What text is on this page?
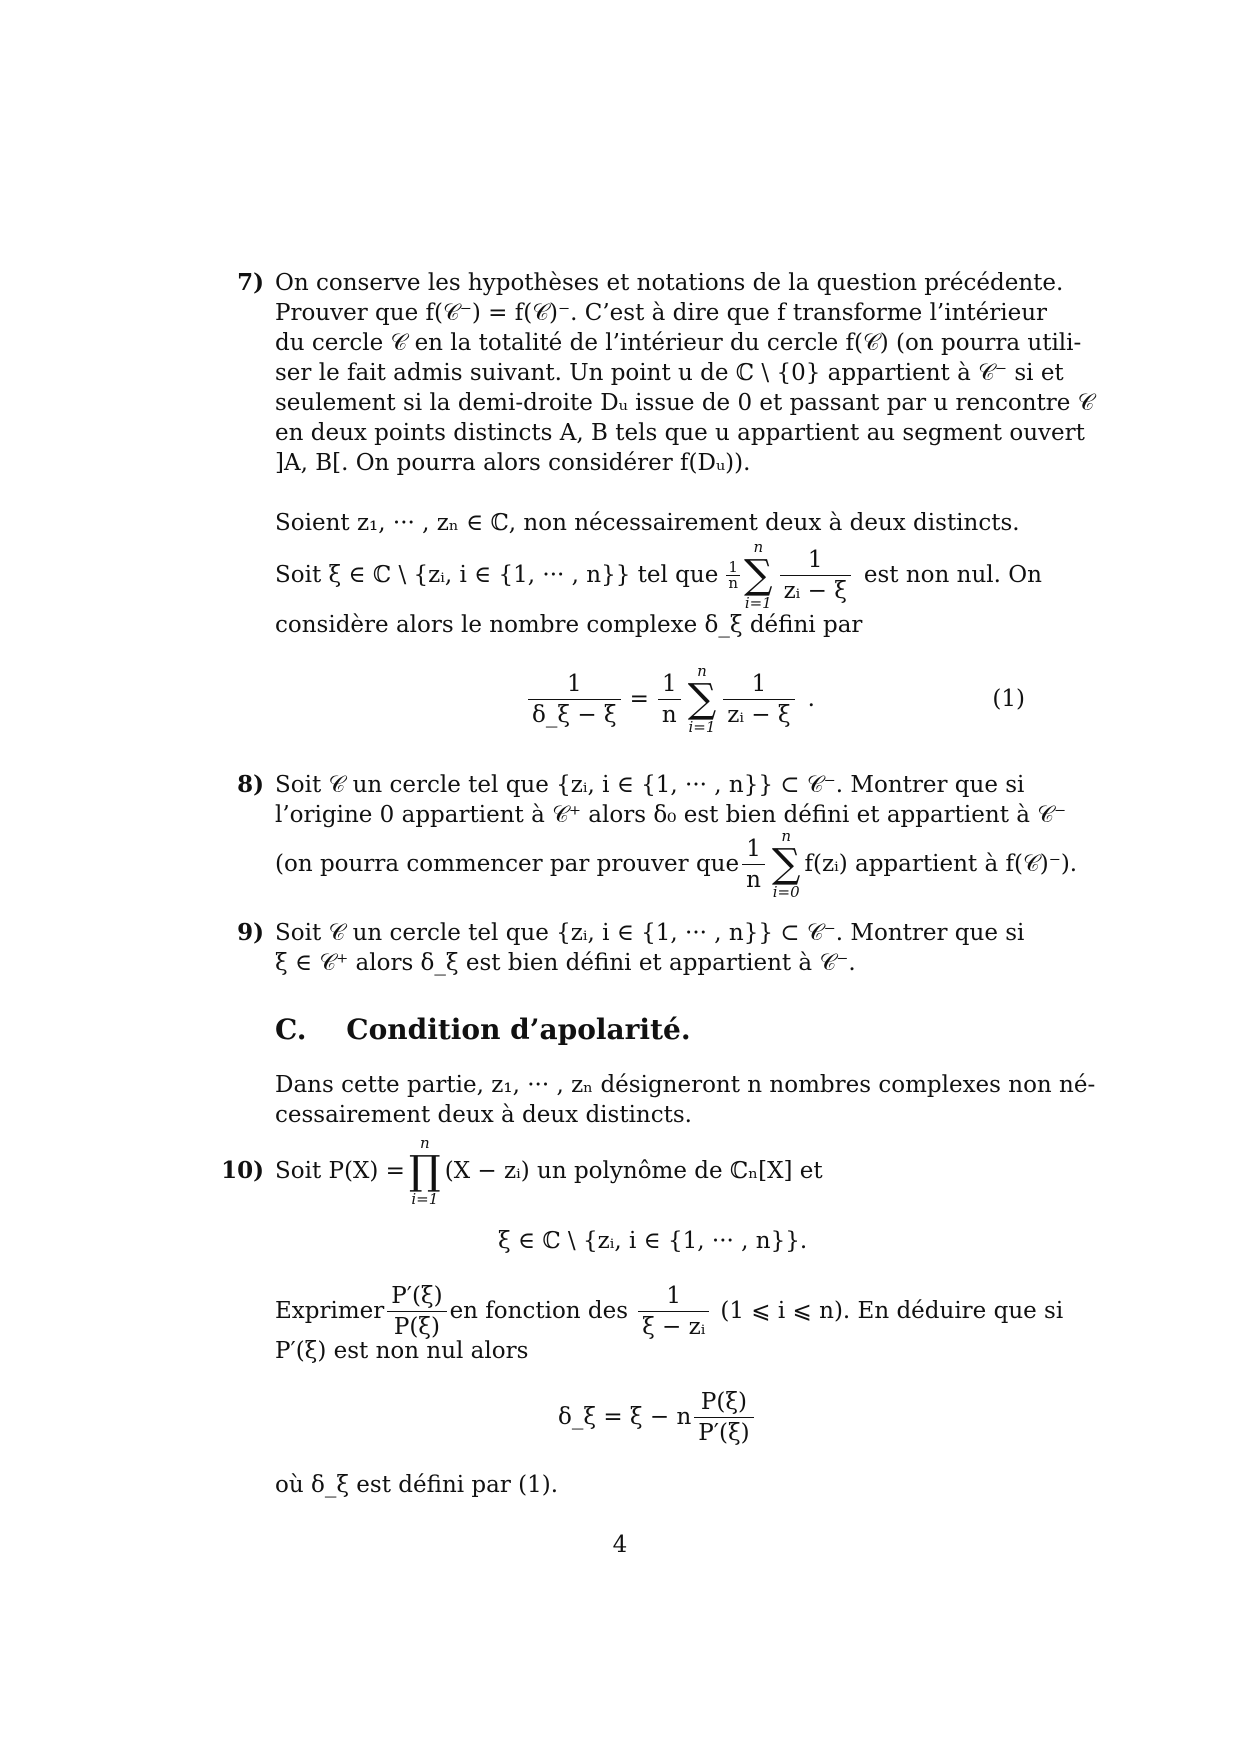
7) On conserve les hypothèses et notations de la question précédente.
Prouver que f(𝒞⁻) = f(𝒞)⁻. C’est à dire que f transforme l’intérieur
du cercle 𝒞 en la totalité de l’intérieur du cercle f(𝒞) (on pourra utili-
ser le fait admis suivant. Un point u de ℂ \ {0} appartient à 𝒞⁻ si et
seulement si la demi-droite Dᵤ issue de 0 et passant par u rencontre 𝒞
en deux points distincts A, B tels que u appartient au segment ouvert
]A, B[. On pourra alors considérer f(Dᵤ)).
Soient z₁, ··· , zₙ ∈ ℂ, non nécessairement deux à deux distincts.
Soit ξ ∈ ℂ \ {zᵢ, i ∈ {1, ··· , n}} tel que $\frac{1}{n}$
n
∑
$i=1 \frac{1}{\text{zᵢ − ξ}}$ est non nul. On
considère alors le nombre complexe δ_ξ défini par
$\frac{1}{\delta\_\xi - \xi} = \frac{1}{n}$	n
∑
$i=1 \frac{1}{\text{zᵢ − ξ}}$ .	(1)
8) Soit 𝒞 un cercle tel que {zᵢ, i ∈ {1, ··· , n}} ⊂ 𝒞⁻. Montrer que si
l’origine 0 appartient à 𝒞⁺ alors δ₀ est bien défini et appartient à 𝒞⁻
(on pourra commencer par prouver que $\frac{1}{n}$	n
∑
i=0
f(zᵢ) appartient à f(𝒞)⁻).
9) Soit 𝒞 un cercle tel que {zᵢ, i ∈ {1, ··· , n}} ⊂ 𝒞⁻. Montrer que si
ξ ∈ 𝒞⁺ alors δ_ξ est bien défini et appartient à 𝒞⁻.
C. Condition d’apolarité.
Dans cette partie, z₁, ··· , zₙ désigneront n nombres complexes non né-
cessairement deux à deux distincts.
10) Soit P(X) =
n
∏
i=1
(X − zᵢ) un polynôme de ℂₙ[X] et
ξ ∈ ℂ \ {zᵢ, i ∈ {1, ··· , n}}.
Exprimer $\frac{P'(\xi)}{P(\xi)}$ en fonction des $\frac{1}{\text{ξ − zᵢ}} (1$ ⩽ i ⩽ n). En déduire que si
P′(ξ) est non nul alors
δ_ξ = ξ − n $\frac{P(\xi)}{P'(\xi)}$
où δ_ξ est défini par (1).
4
